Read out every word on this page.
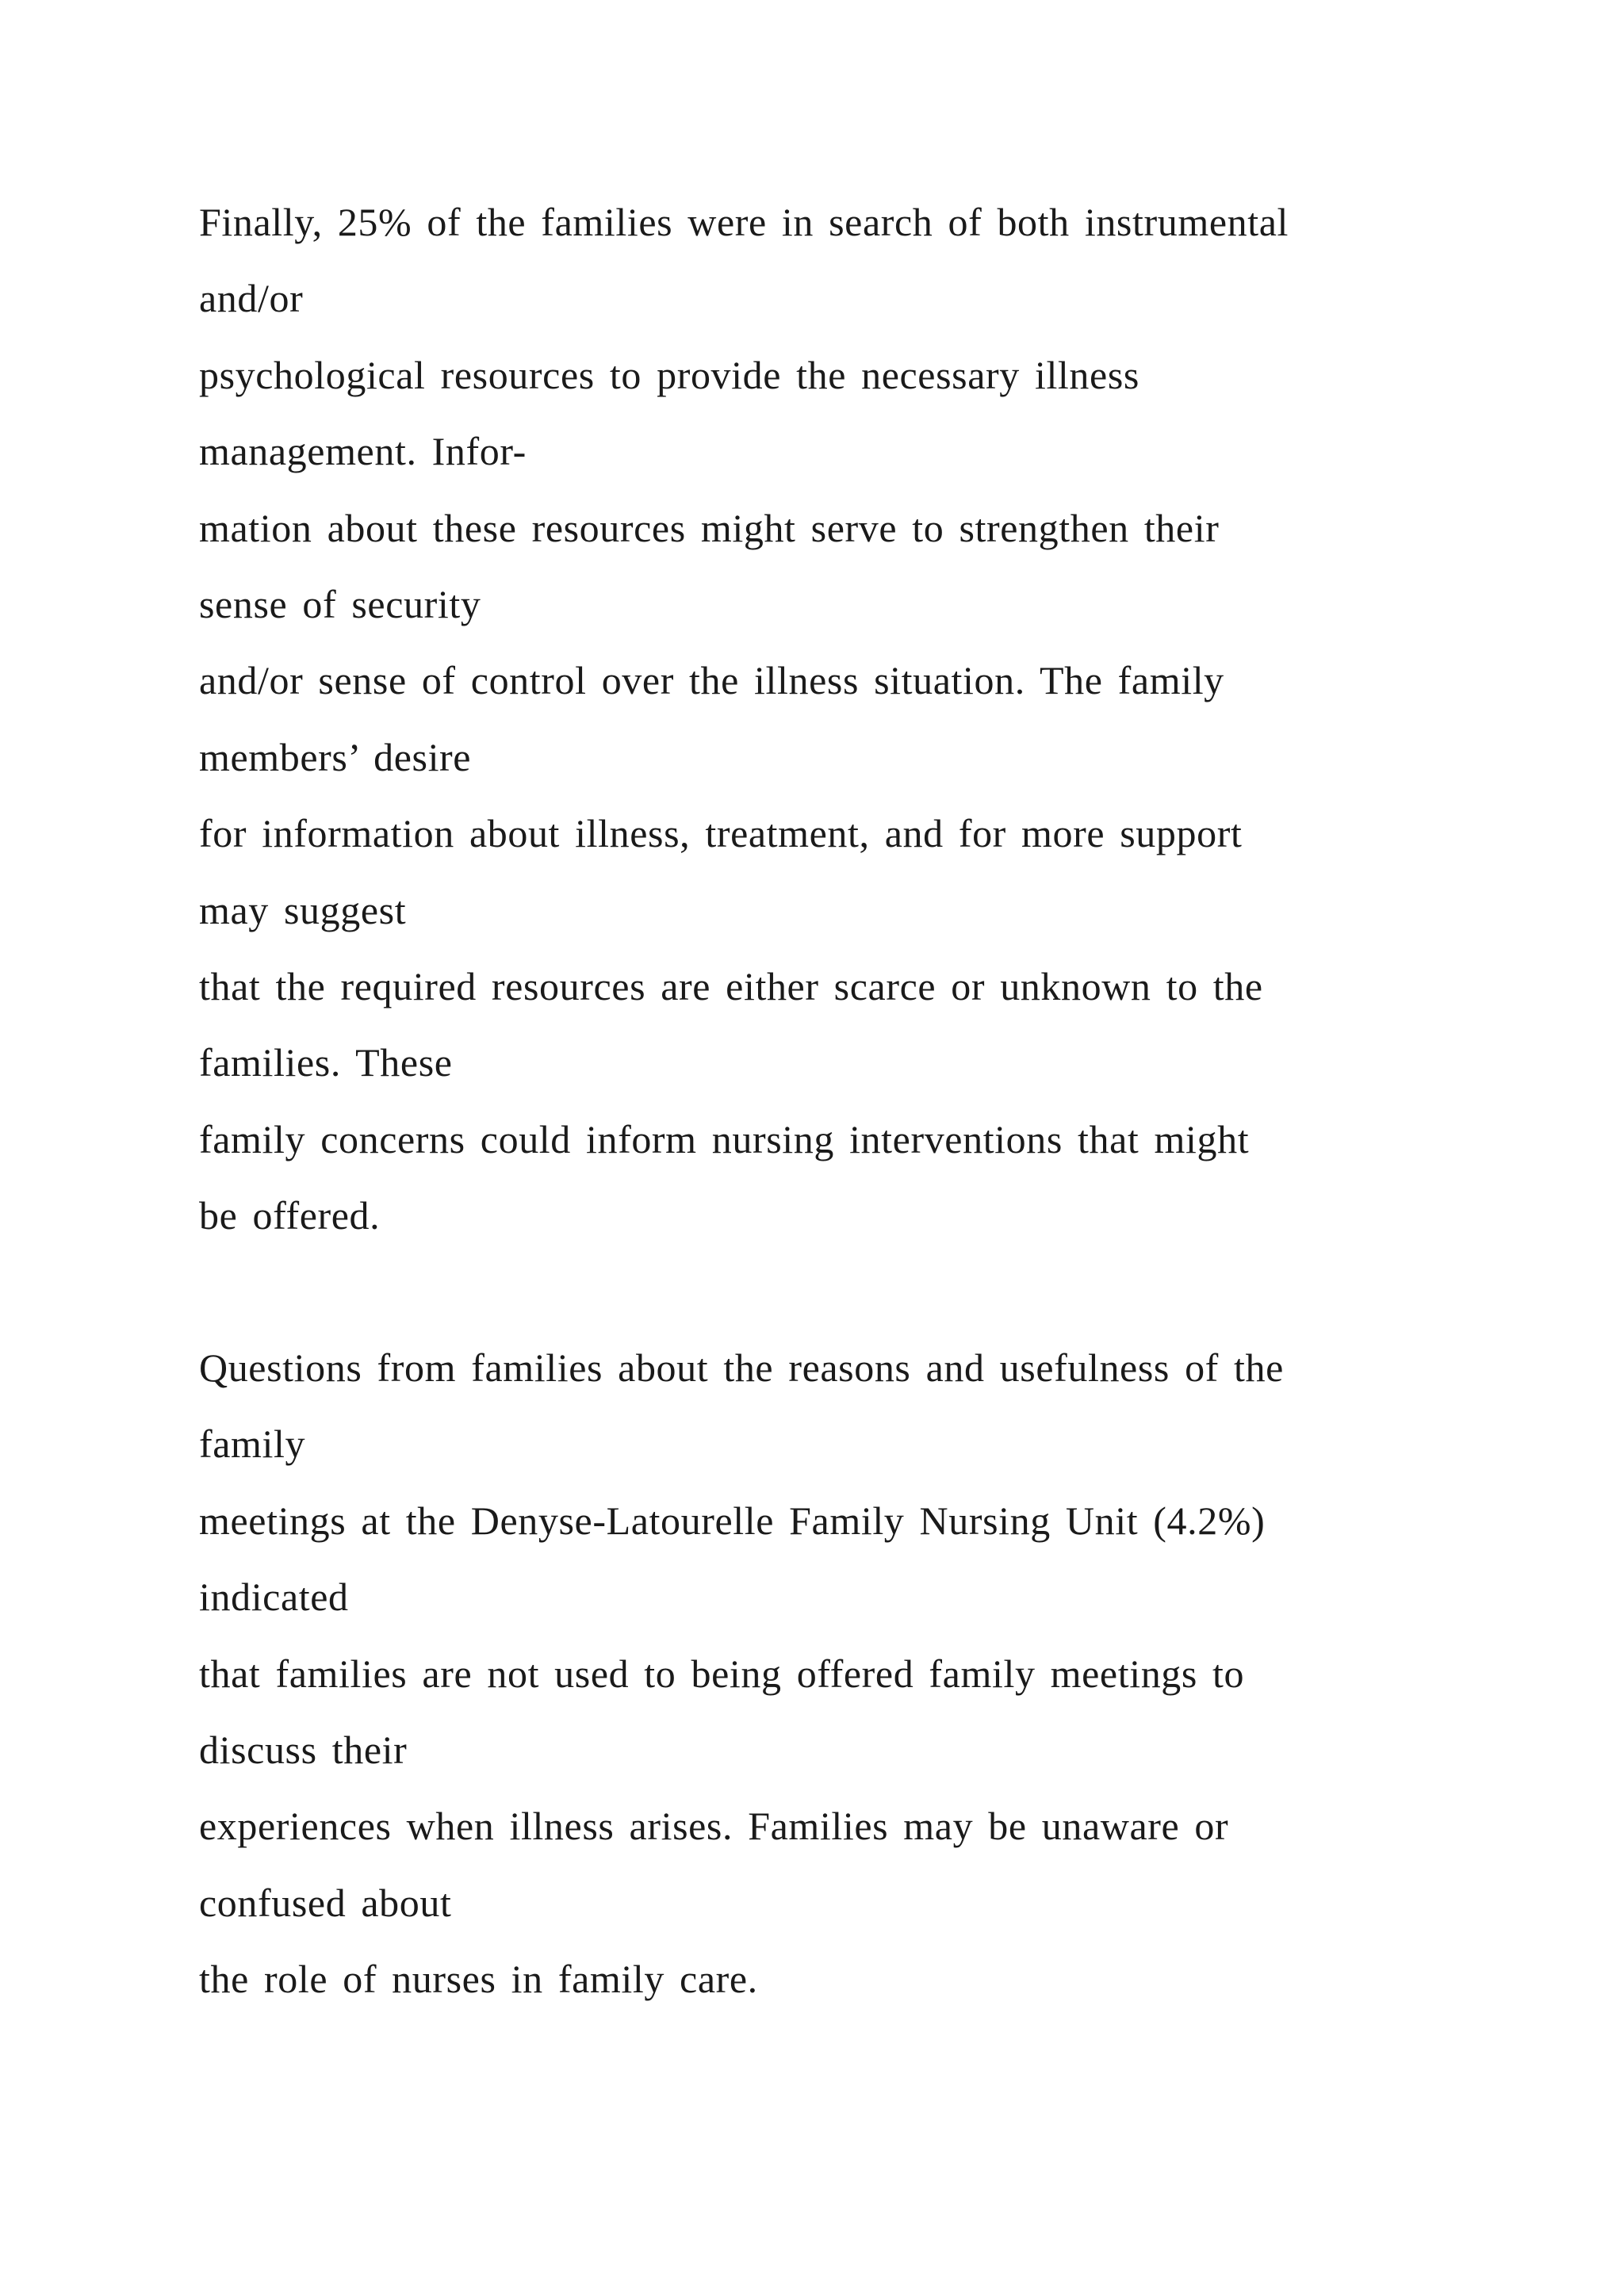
Finally, 25% of the families were in search of both instrumental
and/or
psychological resources to provide the necessary illness
management. Infor-
mation about these resources might serve to strengthen their
sense of security
and/or sense of control over the illness situation. The family
members’ desire
for information about illness, treatment, and for more support
may suggest
that the required resources are either scarce or unknown to the
families. These
family concerns could inform nursing interventions that might
be offered.
Questions from families about the reasons and usefulness of the
family
meetings at the Denyse-Latourelle Family Nursing Unit (4.2%)
indicated
that families are not used to being offered family meetings to
discuss their
experiences when illness arises. Families may be unaware or
confused about
the role of nurses in family care.
